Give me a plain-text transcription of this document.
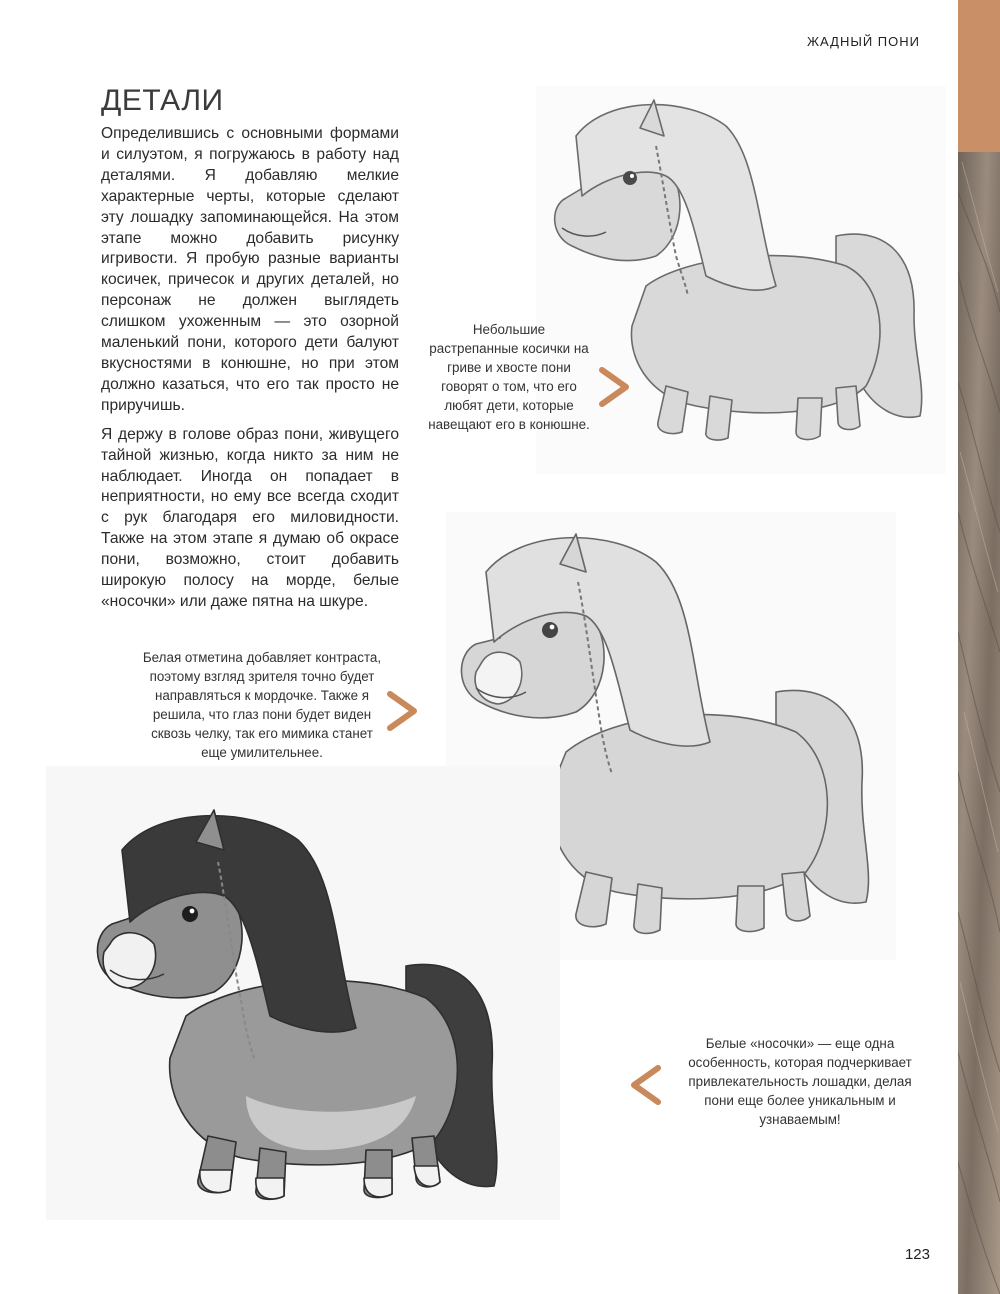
ЖАДНЫЙ ПОНИ
ДЕТАЛИ

Определившись с основными формами и силуэтом, я погружаюсь в работу над деталями. Я добавляю мелкие характерные черты, которые сделают эту лошадку запоминающейся. На этом этапе можно добавить рисунку игривости. Я пробую разные варианты косичек, причесок и других деталей, но персонаж не должен выглядеть слишком ухоженным — это озорной маленький пони, которого дети балуют вкусностями в конюшне, но при этом должно казаться, что его так просто не приручишь.

Я держу в голове образ пони, живущего тайной жизнью, когда никто за ним не наблюдает. Иногда он попадает в неприятности, но ему все всегда сходит с рук благодаря его миловидности. Также на этом этапе я думаю об окрасе пони, возможно, стоит добавить широкую полосу на морде, белые «носочки» или даже пятна на шкуре.

Небольшие растрепанные косички на гриве и хвосте пони говорят о том, что его любят дети, которые навещают его в конюшне.
Белая отметина добавляет контраста, поэтому взгляд зрителя точно будет направляться к мордочке. Также я решила, что глаз пони будет виден сквозь челку, так его мимика станет еще умилительнее.
Белые «носочки» — еще одна особенность, которая подчеркивает привлекательность лошадки, делая пони еще более уникальным и узнаваемым!
123
